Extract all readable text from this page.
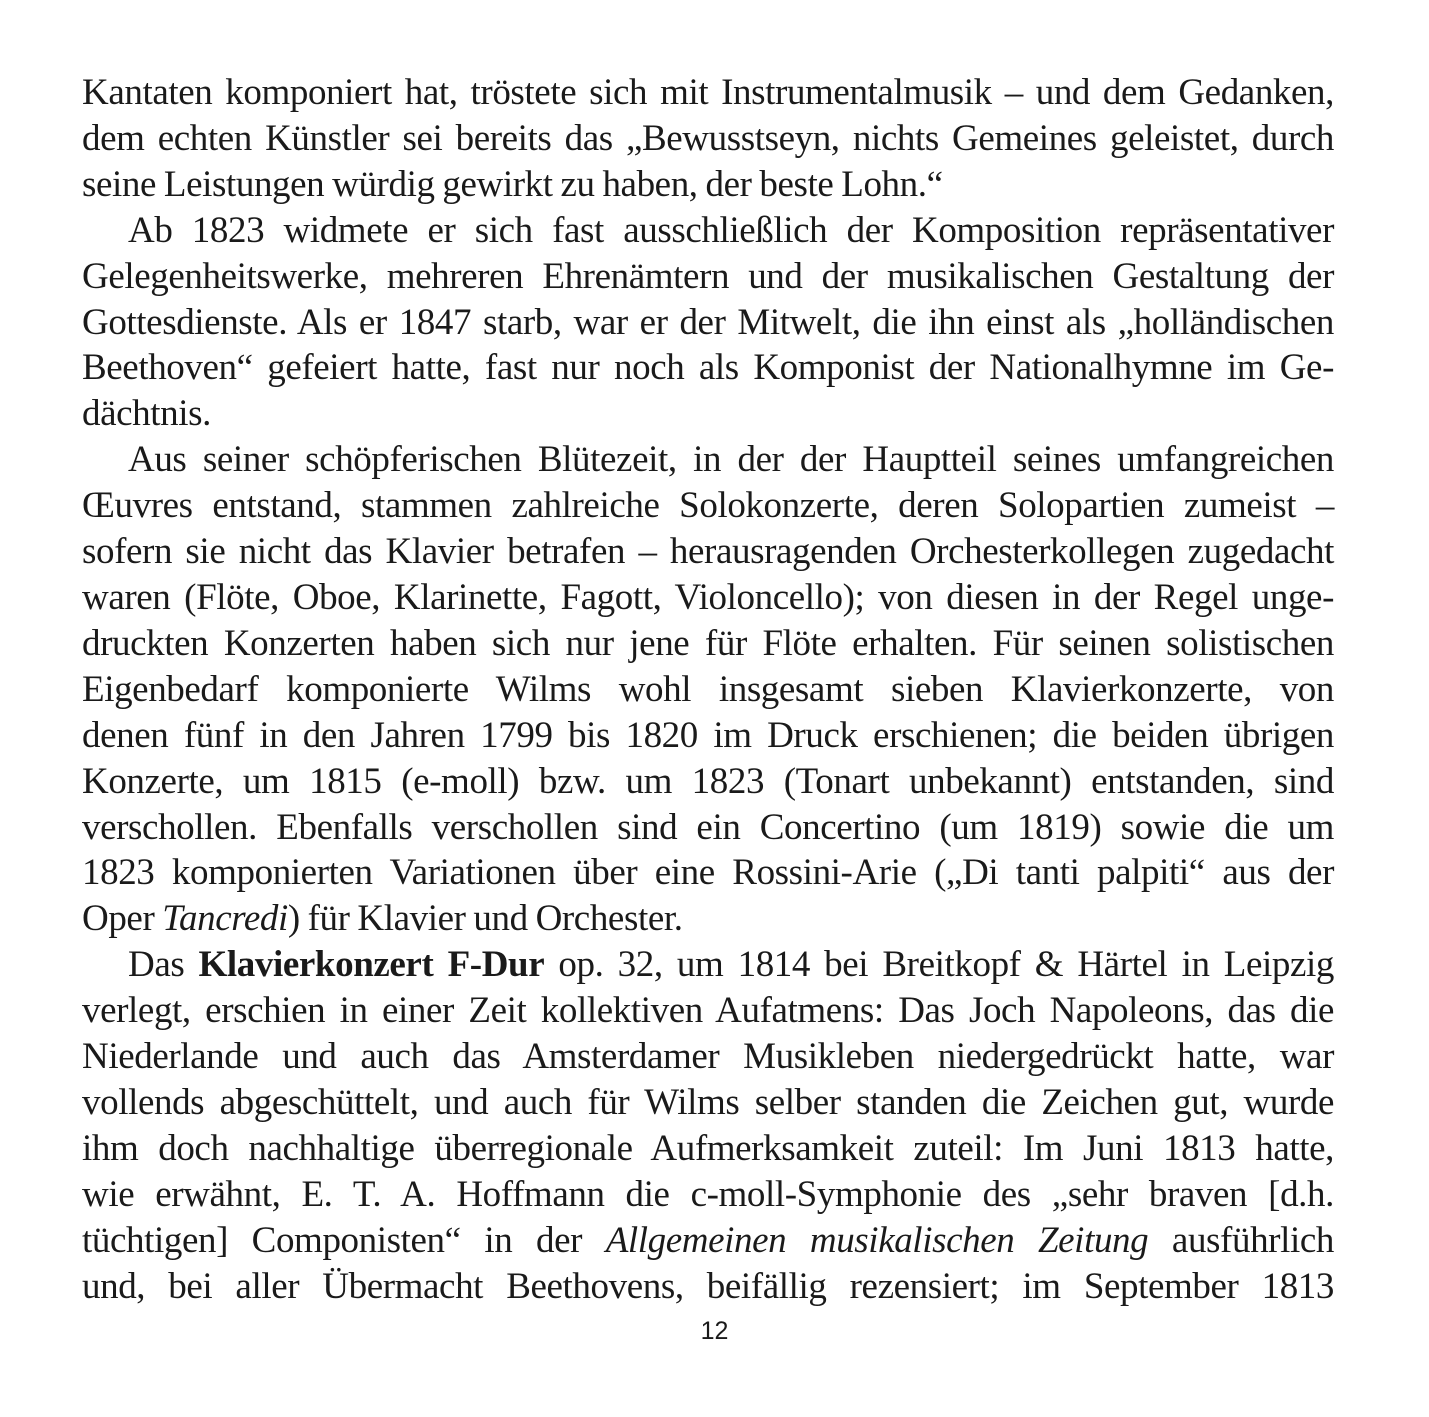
Kantaten komponiert hat, tröstete sich mit Instrumentalmusik – und dem Gedanken,
dem echten Künstler sei bereits das „Bewusstseyn, nichts Gemeines geleistet, durch
seine Leistungen würdig gewirkt zu haben, der beste Lohn.“

Ab 1823 widmete er sich fast ausschließlich der Komposition repräsentativer
Gelegenheitswerke, mehreren Ehrenämtern und der musikalischen Gestaltung der
Gottesdienste. Als er 1847 starb, war er der Mitwelt, die ihn einst als „holländischen
Beethoven“ gefeiert hatte, fast nur noch als Komponist der Nationalhymne im Ge-
dächtnis.

Aus seiner schöpferischen Blütezeit, in der der Hauptteil seines umfangreichen
Œuvres entstand, stammen zahlreiche Solokonzerte, deren Solopartien zumeist –
sofern sie nicht das Klavier betrafen – herausragenden Orchesterkollegen zugedacht
waren (Flöte, Oboe, Klarinette, Fagott, Violoncello); von diesen in der Regel unge-
druckten Konzerten haben sich nur jene für Flöte erhalten. Für seinen solistischen
Eigenbedarf komponierte Wilms wohl insgesamt sieben Klavierkonzerte, von
denen fünf in den Jahren 1799 bis 1820 im Druck erschienen; die beiden übrigen
Konzerte, um 1815 (e-moll) bzw. um 1823 (Tonart unbekannt) entstanden, sind
verschollen. Ebenfalls verschollen sind ein Concertino (um 1819) sowie die um
1823 komponierten Variationen über eine Rossini-Arie („Di tanti palpiti“ aus der
Oper Tancredi) für Klavier und Orchester.

Das Klavierkonzert F-Dur op. 32, um 1814 bei Breitkopf & Härtel in Leipzig
verlegt, erschien in einer Zeit kollektiven Aufatmens: Das Joch Napoleons, das die
Niederlande und auch das Amsterdamer Musikleben niedergedrückt hatte, war
vollends abgeschüttelt, und auch für Wilms selber standen die Zeichen gut, wurde
ihm doch nachhaltige überregionale Aufmerksamkeit zuteil: Im Juni 1813 hatte,
wie erwähnt, E. T. A. Hoffmann die c-moll-Symphonie des „sehr braven [d.h.
tüchtigen] Componisten“ in der Allgemeinen musikalischen Zeitung ausführlich
und, bei aller Übermacht Beethovens, beifällig rezensiert; im September 1813

12
